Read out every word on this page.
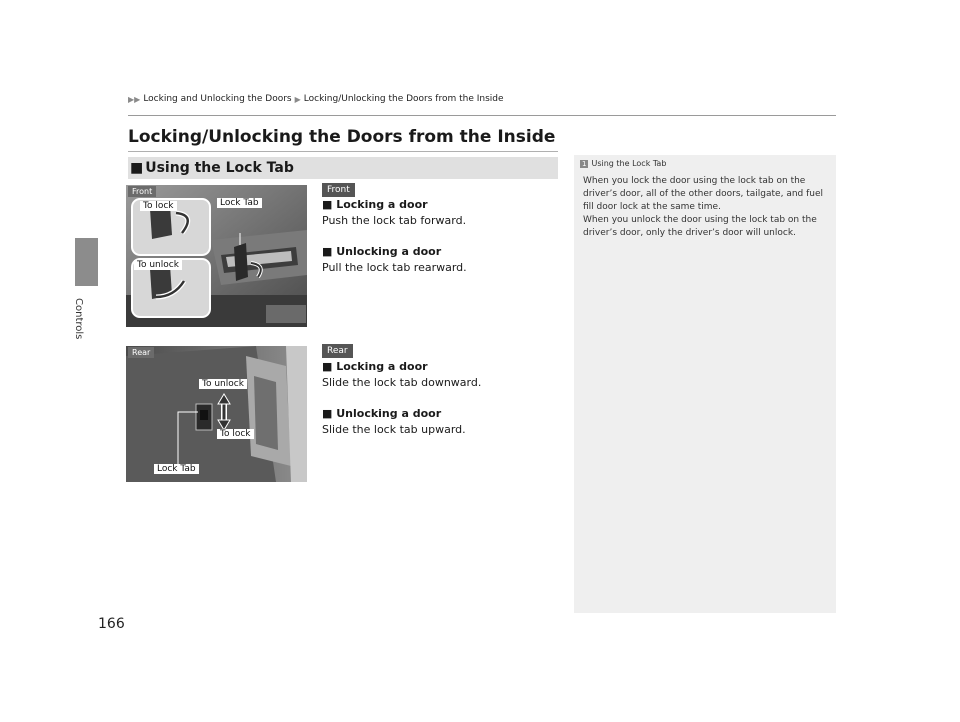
Controls
166
▶▶ Locking and Unlocking the Doors ▶ Locking/Unlocking the Doors from the Inside
Locking/Unlocking the Doors from the Inside
■ Using the Lock Tab
Front
To lock	Lock Tab
To unlock
Front
■ Locking a door
Push the lock tab forward.
■ Unlocking a door
Pull the lock tab rearward.
Rear
To unlock
To lock
Lock Tab
Rear
■ Locking a door
Slide the lock tab downward.
■ Unlocking a door
Slide the lock tab upward.
1 Using the Lock Tab

When you lock the door using the lock tab on the driver’s door, all of the other doors, tailgate, and fuel fill door lock at the same time.

When you unlock the door using the lock tab on the driver’s door, only the driver’s door will unlock.
